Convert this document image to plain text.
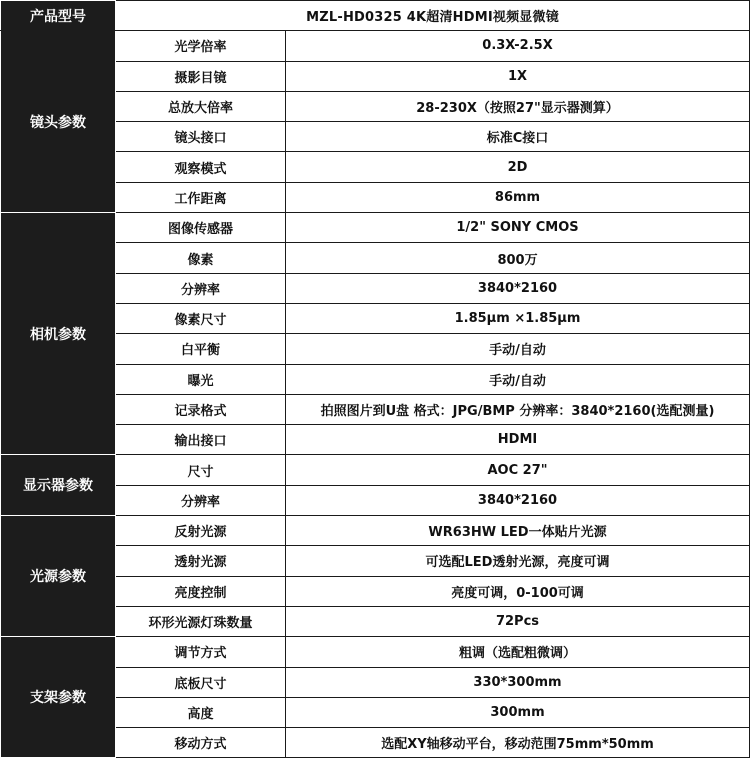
产品型号	MZL-HD0325 4K超清HDMI视频显微镜	
镜头参数	光学倍率	0.3X-2.5X
	摄影目镜	1X
	总放大倍率	28-230X（按照27"显示器测算）
	镜头接口	标准C接口
	观察模式	2D
	工作距离	86mm
相机参数	图像传感器	1/2" SONY CMOS
	像素	800万
	分辨率	3840*2160
	像素尺寸	1.85μm ×1.85μm
	白平衡	手动/自动
	曝光	手动/自动
	记录格式	拍照图片到U盘 格式：JPG/BMP 分辨率：3840*2160(选配测量)
	输出接口	HDMI
显示器参数	尺寸	AOC 27"
	分辨率	3840*2160
光源参数	反射光源	WR63HW LED一体贴片光源
	透射光源	可选配LED透射光源，亮度可调
	亮度控制	亮度可调，0-100可调
	环形光源灯珠数量	72Pcs
支架参数	调节方式	粗调（选配粗微调）
	底板尺寸	330*300mm
	高度	300mm
	移动方式	选配XY轴移动平台，移动范围75mm*50mm
